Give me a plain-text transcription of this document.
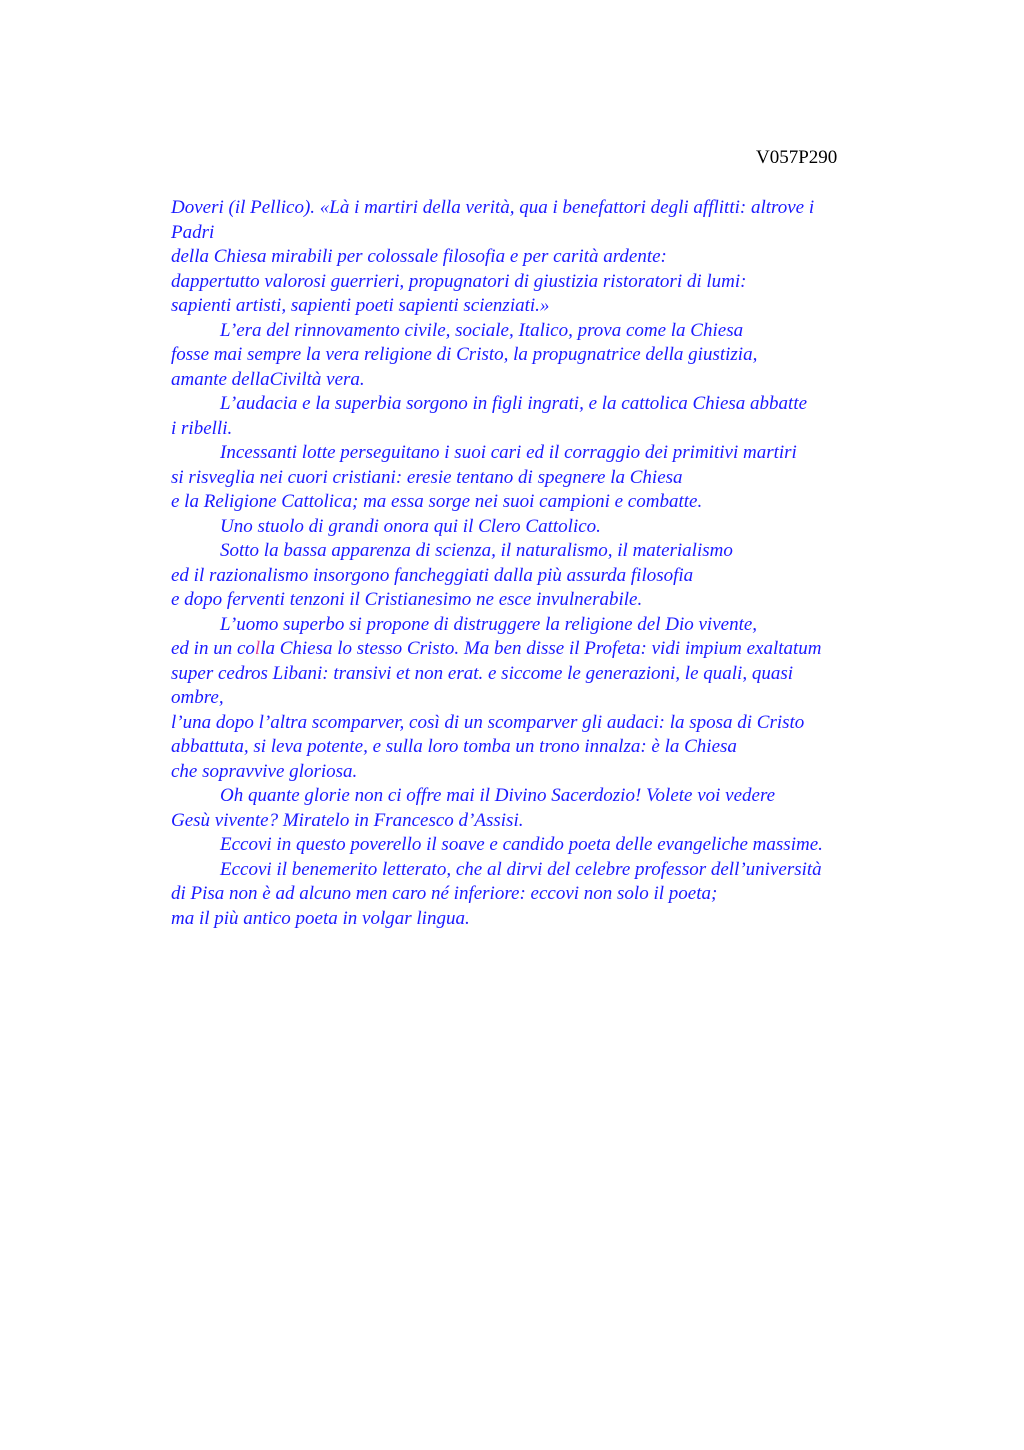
V057P290
Doveri (il Pellico). «Là i martiri della verità, qua i benefattori degli afflitti: altrove i
Padri
della Chiesa mirabili per colossale filosofia e per carità ardente:
dappertutto valorosi guerrieri, propugnatori di giustizia ristoratori di lumi:
sapienti artisti, sapienti poeti sapienti scienziati.»
L’era del rinnovamento civile, sociale, Italico, prova come la Chiesa
fosse mai sempre la vera religione di Cristo, la propugnatrice della giustizia,
amante dellaCiviltà vera.
L’audacia e la superbia sorgono in figli ingrati, e la cattolica Chiesa abbatte
i ribelli.
Incessanti lotte perseguitano i suoi cari ed il corraggio dei primitivi martiri
si risveglia nei cuori cristiani: eresie tentano di spegnere la Chiesa
e la Religione Cattolica; ma essa sorge nei suoi campioni e combatte.
Uno stuolo di grandi onora qui il Clero Cattolico.
Sotto la bassa apparenza di scienza, il naturalismo, il materialismo
ed il razionalismo insorgono fancheggiati dalla più assurda filosofia
e dopo ferventi tenzoni il Cristianesimo ne esce invulnerabile.
L’uomo superbo si propone di distruggere la religione del Dio vivente,
ed in un colla Chiesa lo stesso Cristo. Ma ben disse il Profeta: vidi impium exaltatum
super cedros Libani: transivi et non erat. e siccome le generazioni, le quali, quasi
ombre,
l’una dopo l’altra scomparver, così di un scomparver gli audaci: la sposa di Cristo
abbattuta, si leva potente, e sulla loro tomba un trono innalza: è la Chiesa
che sopravvive gloriosa.
Oh quante glorie non ci offre mai il Divino Sacerdozio! Volete voi vedere
Gesù vivente? Miratelo in Francesco d’Assisi.
Eccovi in questo poverello il soave e candido poeta delle evangeliche massime.
Eccovi il benemerito letterato, che al dirvi del celebre professor dell’università
di Pisa non è ad alcuno men caro né inferiore: eccovi non solo il poeta;
ma il più antico poeta in volgar lingua.
